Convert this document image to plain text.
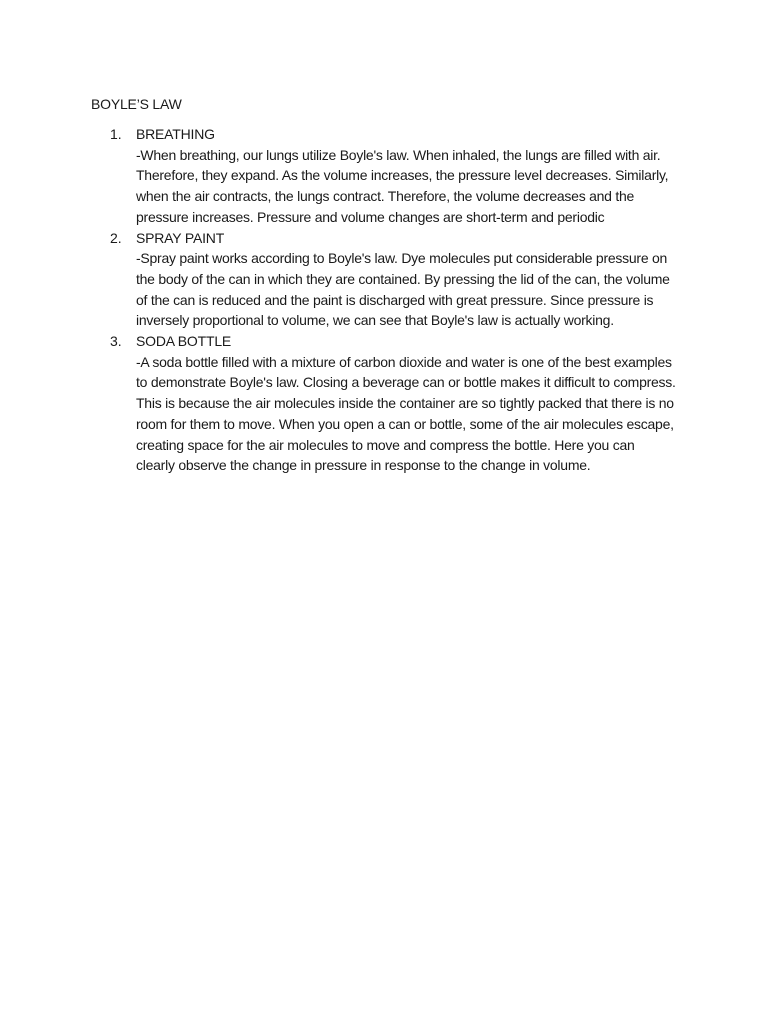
BOYLE’S LAW
1. BREATHING

-When breathing, our lungs utilize Boyle's law. When inhaled, the lungs are filled with air. Therefore, they expand. As the volume increases, the pressure level decreases. Similarly, when the air contracts, the lungs contract. Therefore, the volume decreases and the pressure increases. Pressure and volume changes are short-term and periodic

2. SPRAY PAINT

-Spray paint works according to Boyle's law. Dye molecules put considerable pressure on the body of the can in which they are contained. By pressing the lid of the can, the volume of the can is reduced and the paint is discharged with great pressure. Since pressure is inversely proportional to volume, we can see that Boyle's law is actually working.

3. SODA BOTTLE

-A soda bottle filled with a mixture of carbon dioxide and water is one of the best examples to demonstrate Boyle's law. Closing a beverage can or bottle makes it difficult to compress. This is because the air molecules inside the container are so tightly packed that there is no room for them to move. When you open a can or bottle, some of the air molecules escape, creating space for the air molecules to move and compress the bottle. Here you can clearly observe the change in pressure in response to the change in volume.
